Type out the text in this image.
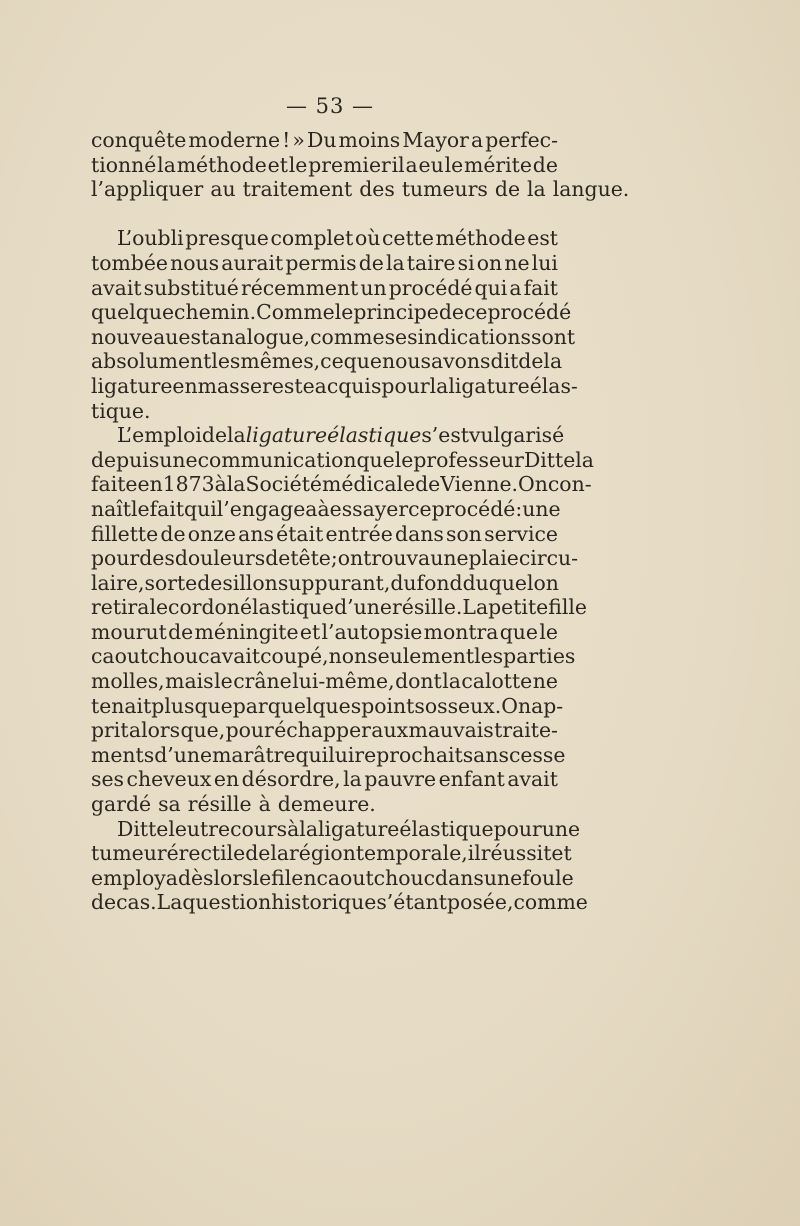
— 53 —
conquête moderne ! » Du moins Mayor a perfec-
tionné la méthode et le premier il a eu le mérite de
l’appliquer au traitement des tumeurs de la langue.
L’oubli presque complet où cette méthode est
tombée nous aurait permis de la taire si on ne lui
avait substitué récemment un procédé qui a fait
quelque chemin. Comme le principe de ce procédé
nouveau est analogue, comme ses indications sont
absolument les mêmes, ce que nous avons dit de la
ligature en masse reste acquis pour la ligature élas-
tique.
L’emploi de la ligature élastique s’est vulgarisé
depuis une communication que le professeur Dittel a
faite en 1873 à la Société médicalede Vienne. On con-
naît le fait qui l’engagea à essayer ce procédé : une
fillette de onze ans était entrée dans son service
pour des douleurs de tête ; on trouva une plaie circu-
laire, sorte de sillon suppurant, du fond duquel on
retira le cordon élastique d’une résille. La petite fille
mourut de méningite et l’autopsie montra que le
caoutchouc avait coupé, non seulement les parties
molles, mais le crâne lui-même, dont la calotte ne
tenait plus que par quelques points osseux. On ap-
prit alors que, pour échapper aux mauvais traite-
ments d’une marâtre qui lui reprochait sans cesse
ses cheveux en désordre, la pauvre enfant avait
gardé sa résille à demeure.
Dittel eut recours à la ligature élastique pour une
tumeur érectile de la région temporale, il réussit et
employa dès lors le fil en caoutchouc dans une foule
de cas. La question historique s’étant posée, comme
